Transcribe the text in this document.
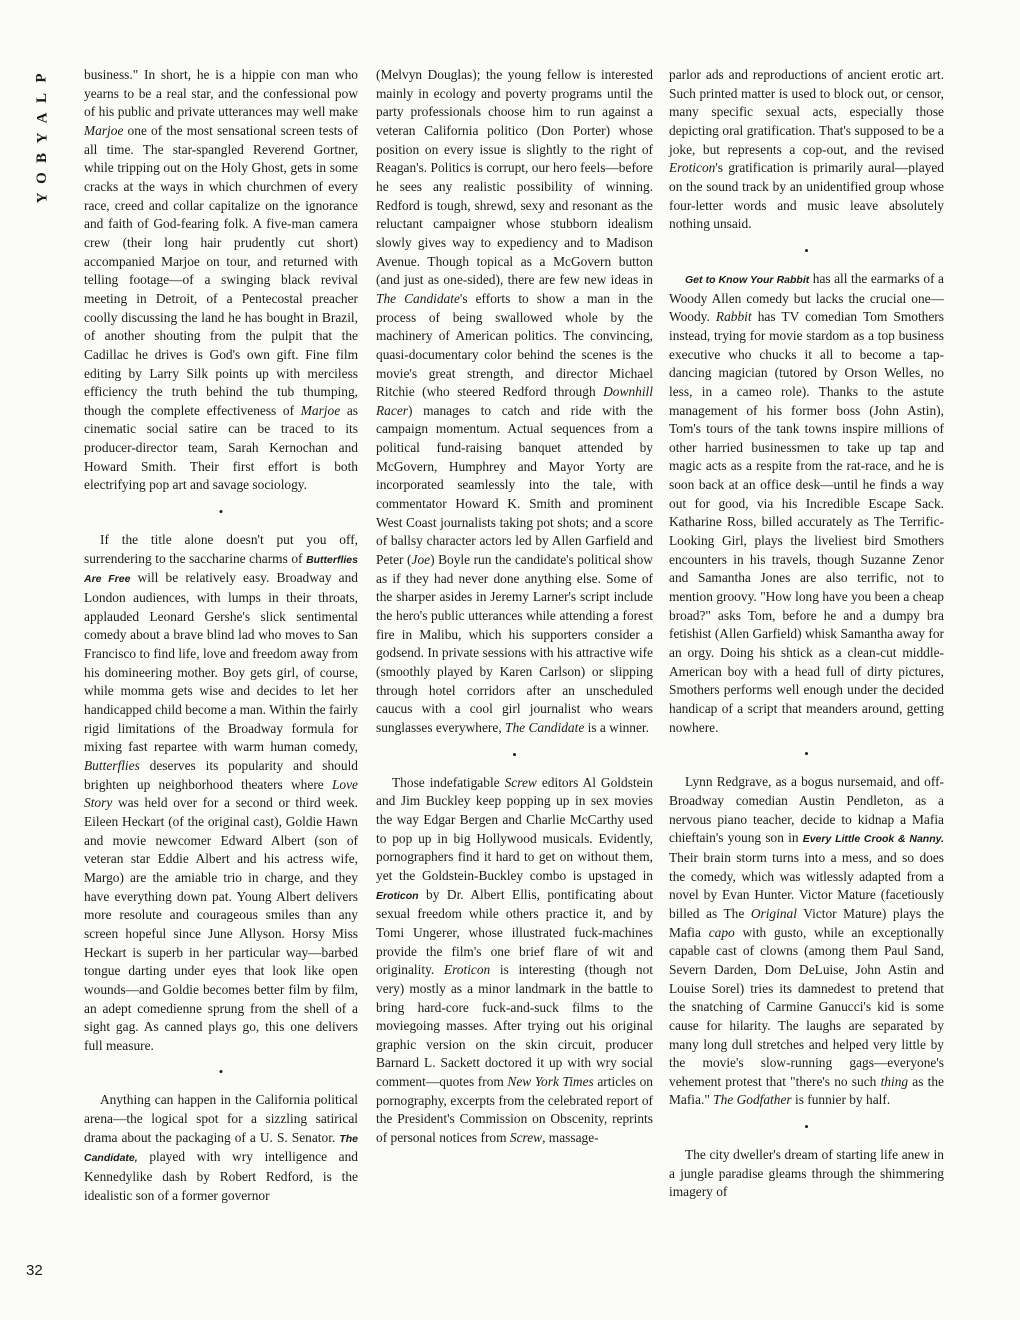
P
L
A
Y
B
O
Y
32

business." In short, he is a hippie con man who yearns to be a real star, and the confessional pow of his public and private utterances may well make Marjoe one of the most sensational screen tests of all time. The star-spangled Reverend Gortner, while tripping out on the Holy Ghost, gets in some cracks at the ways in which churchmen of every race, creed and collar capitalize on the ignorance and faith of God-fearing folk. A five-man camera crew (their long hair prudently cut short) accompanied Marjoe on tour, and returned with telling footage—of a swinging black revival meeting in Detroit, of a Pentecostal preacher coolly discussing the land he has bought in Brazil, of another shouting from the pulpit that the Cadillac he drives is God's own gift. Fine film editing by Larry Silk points up with merciless efficiency the truth behind the tub thumping, though the complete effectiveness of Marjoe as cinematic social satire can be traced to its producer-director team, Sarah Kernochan and Howard Smith. Their first effort is both electrifying pop art and savage sociology.

•

If the title alone doesn't put you off, surrendering to the saccharine charms of Butterflies Are Free will be relatively easy. Broadway and London audiences, with lumps in their throats, applauded Leonard Gershe's slick sentimental comedy about a brave blind lad who moves to San Francisco to find life, love and freedom away from his domineering mother. Boy gets girl, of course, while momma gets wise and decides to let her handicapped child become a man. Within the fairly rigid limitations of the Broadway formula for mixing fast repartee with warm human comedy, Butterflies deserves its popularity and should brighten up neighborhood theaters where Love Story was held over for a second or third week. Eileen Heckart (of the original cast), Goldie Hawn and movie newcomer Edward Albert (son of veteran star Eddie Albert and his actress wife, Margo) are the amiable trio in charge, and they have everything down pat. Young Albert delivers more resolute and courageous smiles than any screen hopeful since June Allyson. Horsy Miss Heckart is superb in her particular way—barbed tongue darting under eyes that look like open wounds—and Goldie becomes better film by film, an adept comedienne sprung from the shell of a sight gag. As canned plays go, this one delivers full measure.

•

Anything can happen in the California political arena—the logical spot for a sizzling satirical drama about the packaging of a U. S. Senator. The Candidate, played with wry intelligence and Kennedylike dash by Robert Redford, is the idealistic son of a former governor

(Melvyn Douglas); the young fellow is interested mainly in ecology and poverty programs until the party professionals choose him to run against a veteran California politico (Don Porter) whose position on every issue is slightly to the right of Reagan's. Politics is corrupt, our hero feels—before he sees any realistic possibility of winning. Redford is tough, shrewd, sexy and resonant as the reluctant campaigner whose stubborn idealism slowly gives way to expediency and to Madison Avenue. Though topical as a McGovern button (and just as one-sided), there are few new ideas in The Candidate's efforts to show a man in the process of being swallowed whole by the machinery of American politics. The convincing, quasi-documentary color behind the scenes is the movie's great strength, and director Michael Ritchie (who steered Redford through Downhill Racer) manages to catch and ride with the campaign momentum. Actual sequences from a political fund-raising banquet attended by McGovern, Humphrey and Mayor Yorty are incorporated seamlessly into the tale, with commentator Howard K. Smith and prominent West Coast journalists taking pot shots; and a score of ballsy character actors led by Allen Garfield and Peter (Joe) Boyle run the candidate's political show as if they had never done anything else. Some of the sharper asides in Jeremy Larner's script include the hero's public utterances while attending a forest fire in Malibu, which his supporters consider a godsend. In private sessions with his attractive wife (smoothly played by Karen Carlson) or slipping through hotel corridors after an unscheduled caucus with a cool girl journalist who wears sunglasses everywhere, The Candidate is a winner.

•

Those indefatigable Screw editors Al Goldstein and Jim Buckley keep popping up in sex movies the way Edgar Bergen and Charlie McCarthy used to pop up in big Hollywood musicals. Evidently, pornographers find it hard to get on without them, yet the Goldstein-Buckley combo is upstaged in Eroticon by Dr. Albert Ellis, pontificating about sexual freedom while others practice it, and by Tomi Ungerer, whose illustrated fuck-machines provide the film's one brief flare of wit and originality. Eroticon is interesting (though not very) mostly as a minor landmark in the battle to bring hard-core fuck-and-suck films to the moviegoing masses. After trying out his original graphic version on the skin circuit, producer Barnard L. Sackett doctored it up with wry social comment—quotes from New York Times articles on pornography, excerpts from the celebrated report of the President's Commission on Obscenity, reprints of personal notices from Screw, massage-

parlor ads and reproductions of ancient erotic art. Such printed matter is used to block out, or censor, many specific sexual acts, especially those depicting oral gratification. That's supposed to be a joke, but represents a cop-out, and the revised Eroticon's gratification is primarily aural—played on the sound track by an unidentified group whose four-letter words and music leave absolutely nothing unsaid.

•

Get to Know Your Rabbit has all the earmarks of a Woody Allen comedy but lacks the crucial one—Woody. Rabbit has TV comedian Tom Smothers instead, trying for movie stardom as a top business executive who chucks it all to become a tap-dancing magician (tutored by Orson Welles, no less, in a cameo role). Thanks to the astute management of his former boss (John Astin), Tom's tours of the tank towns inspire millions of other harried businessmen to take up tap and magic acts as a respite from the rat-race, and he is soon back at an office desk—until he finds a way out for good, via his Incredible Escape Sack. Katharine Ross, billed accurately as The Terrific-Looking Girl, plays the liveliest bird Smothers encounters in his travels, though Suzanne Zenor and Samantha Jones are also terrific, not to mention groovy. "How long have you been a cheap broad?" asks Tom, before he and a dumpy bra fetishist (Allen Garfield) whisk Samantha away for an orgy. Doing his shtick as a clean-cut middle-American boy with a head full of dirty pictures, Smothers performs well enough under the decided handicap of a script that meanders around, getting nowhere.

•

Lynn Redgrave, as a bogus nursemaid, and off-Broadway comedian Austin Pendleton, as a nervous piano teacher, decide to kidnap a Mafia chieftain's young son in Every Little Crook & Nanny. Their brain storm turns into a mess, and so does the comedy, which was witlessly adapted from a novel by Evan Hunter. Victor Mature (facetiously billed as The Original Victor Mature) plays the Mafia capo with gusto, while an exceptionally capable cast of clowns (among them Paul Sand, Severn Darden, Dom DeLuise, John Astin and Louise Sorel) tries its damnedest to pretend that the snatching of Carmine Ganucci's kid is some cause for hilarity. The laughs are separated by many long dull stretches and helped very little by the movie's slow-running gags—everyone's vehement protest that "there's no such thing as the Mafia." The Godfather is funnier by half.

•

The city dweller's dream of starting life anew in a jungle paradise gleams through the shimmering imagery of
